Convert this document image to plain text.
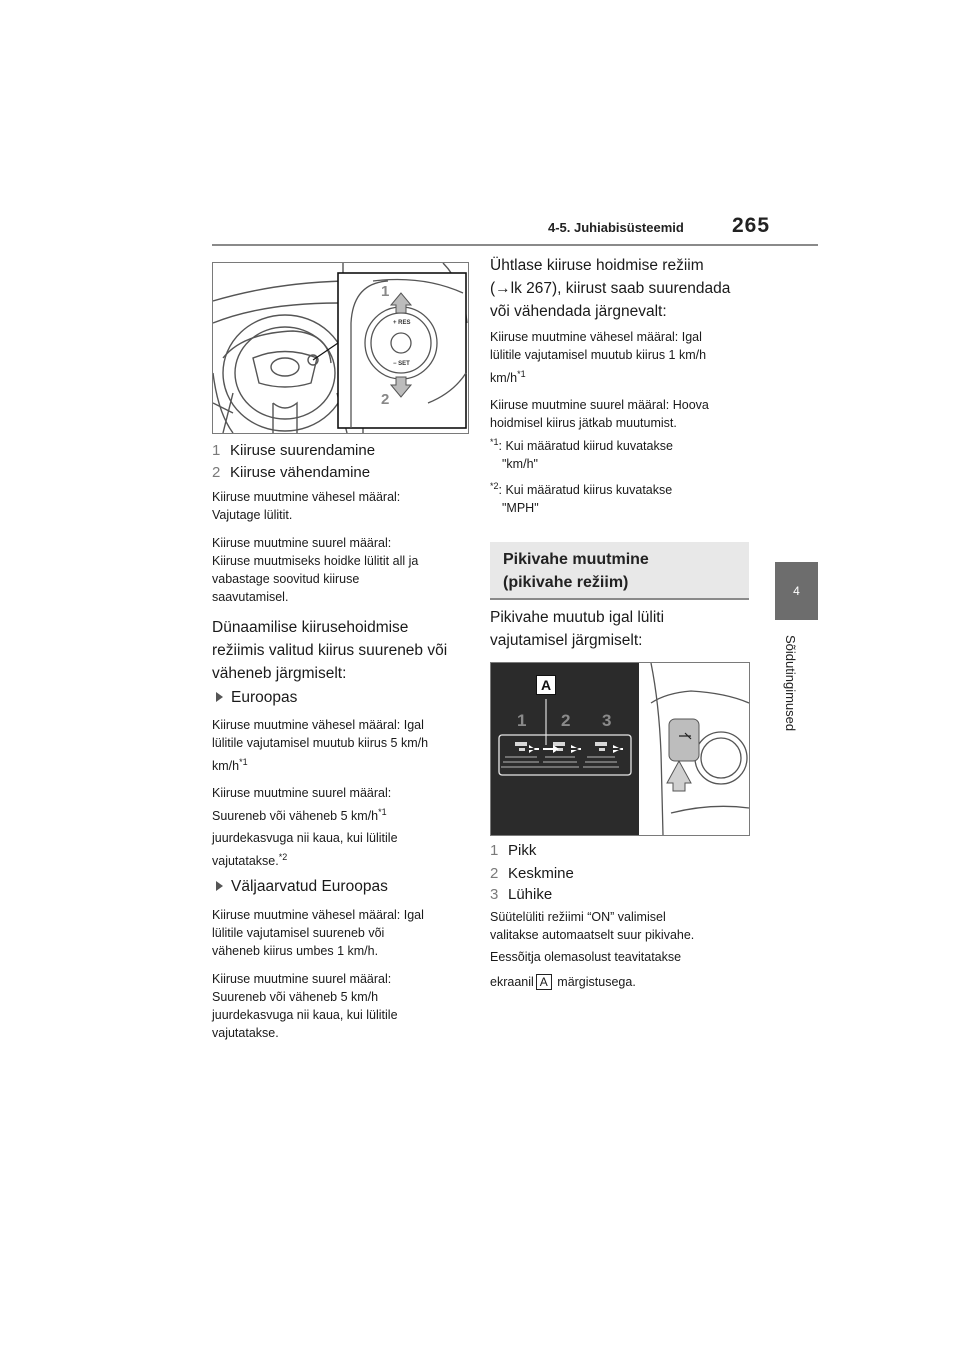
4-5. Juhiabisüsteemid 265
4
Sõidutingimused
1
2
+ RES
− SET
1 Kiiruse suurendamine
2 Kiiruse vähendamine
Kiiruse muutmine vähesel määral:
Vajutage lülitit.
Kiiruse muutmine suurel määral:
Kiiruse muutmiseks hoidke lülitit all ja
vabastage soovitud kiiruse
saavutamisel.
Dünaamilise kiirusehoidmise
režiimis valitud kiirus suureneb või
väheneb järgmiselt:
Euroopas
Kiiruse muutmine vähesel määral: Igal
lülitile vajutamisel muutub kiirus 5 km/h
$km/h^{*1}$
Kiiruse muutmine suurel määral:
Suureneb või väheneb 5 $km/h^{*1}$
juurdekasvuga nii kaua, kui lülitile
vajutatakse.$^{*2}$
Väljaarvatud Euroopas
Kiiruse muutmine vähesel määral: Igal
lülitile vajutamisel suureneb või
väheneb kiirus umbes 1 km/h.
Kiiruse muutmine suurel määral:
Suureneb või väheneb 5 km/h
juurdekasvuga nii kaua, kui lülitile
vajutatakse.
Ühtlase kiiruse hoidmise režiim
(→lk 267), kiirust saab suurendada
või vähendada järgnevalt:
Kiiruse muutmine vähesel määral: Igal
lülitile vajutamisel muutub kiirus 1 km/h
$km/h^{*1}$
Kiiruse muutmine suurel määral: Hoova
hoidmisel kiirus jätkab muutumist.
$^{*1}$: Kui määratud kiirud kuvatakse
"km/h"
$^{*2}$: Kui määratud kiirus kuvatakse
"MPH"
Pikivahe muutmine
(pikivahe režiim)
Pikivahe muutub igal lüliti
vajutamisel järgmiselt:
A
1 2 3
1 Pikk
2 Keskmine
3 Lühike
Süütelüliti režiimi “ON” valimisel
valitakse automaatselt suur pikivahe.
Eessõitja olemasolust teavitatakse
ekraanil A märgistusega.
